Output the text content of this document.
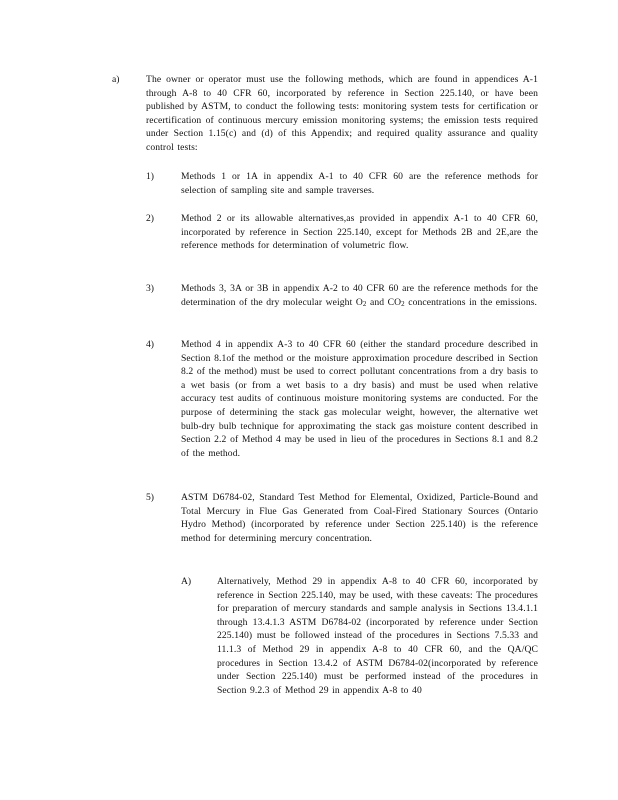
a)	The owner or operator must use the following methods, which are found in appendices A-1 through A-8 to 40 CFR 60, incorporated by reference in Section 225.140, or have been published by ASTM, to conduct the following tests: monitoring system tests for certification or recertification of continuous mercury emission monitoring systems; the emission tests required under Section 1.15(c) and (d) of this Appendix; and required quality assurance and quality control tests:
1)	Methods 1 or 1A in appendix A-1 to 40 CFR 60 are the reference methods for selection of sampling site and sample traverses.
2)	Method 2 or its allowable alternatives,as provided in appendix A-1 to 40 CFR 60, incorporated by reference in Section 225.140, except for Methods 2B and 2E,are the reference methods for determination of volumetric flow.
3)	Methods 3, 3A or 3B in appendix A-2 to 40 CFR 60 are the reference methods for the determination of the dry molecular weight $O_2$ and $CO_2$ concentrations in the emissions.
4)	Method 4 in appendix A-3 to 40 CFR 60 (either the standard procedure described in Section 8.1of the method or the moisture approximation procedure described in Section 8.2 of the method) must be used to correct pollutant concentrations from a dry basis to a wet basis (or from a wet basis to a dry basis) and must be used when relative accuracy test audits of continuous moisture monitoring systems are conducted. For the purpose of determining the stack gas molecular weight, however, the alternative wet bulb-dry bulb technique for approximating the stack gas moisture content described in Section 2.2 of Method 4 may be used in lieu of the procedures in Sections 8.1 and 8.2 of the method.
5)	ASTM D6784-02, Standard Test Method for Elemental, Oxidized, Particle-Bound and Total Mercury in Flue Gas Generated from Coal-Fired Stationary Sources (Ontario Hydro Method) (incorporated by reference under Section 225.140) is the reference method for determining mercury concentration.
A)	Alternatively, Method 29 in appendix A-8 to 40 CFR 60, incorporated by reference in Section 225.140, may be used, with these caveats: The procedures for preparation of mercury standards and sample analysis in Sections 13.4.1.1 through 13.4.1.3 ASTM D6784-02 (incorporated by reference under Section 225.140) must be followed instead of the procedures in Sections 7.5.33 and 11.1.3 of Method 29 in appendix A-8 to 40 CFR 60, and the QA/QC procedures in Section 13.4.2 of ASTM D6784-02(incorporated by reference under Section 225.140) must be performed instead of the procedures in Section 9.2.3 of Method 29 in appendix A-8 to 40
